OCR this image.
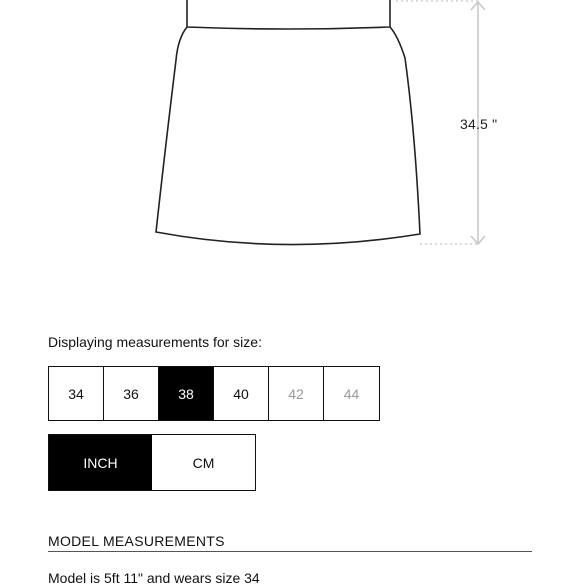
34.5 "
Displaying measurements for size:
34	36	38	40	42	44
INCH	CM
MODEL MEASUREMENTS
Model is 5ft 11" and wears size 34
